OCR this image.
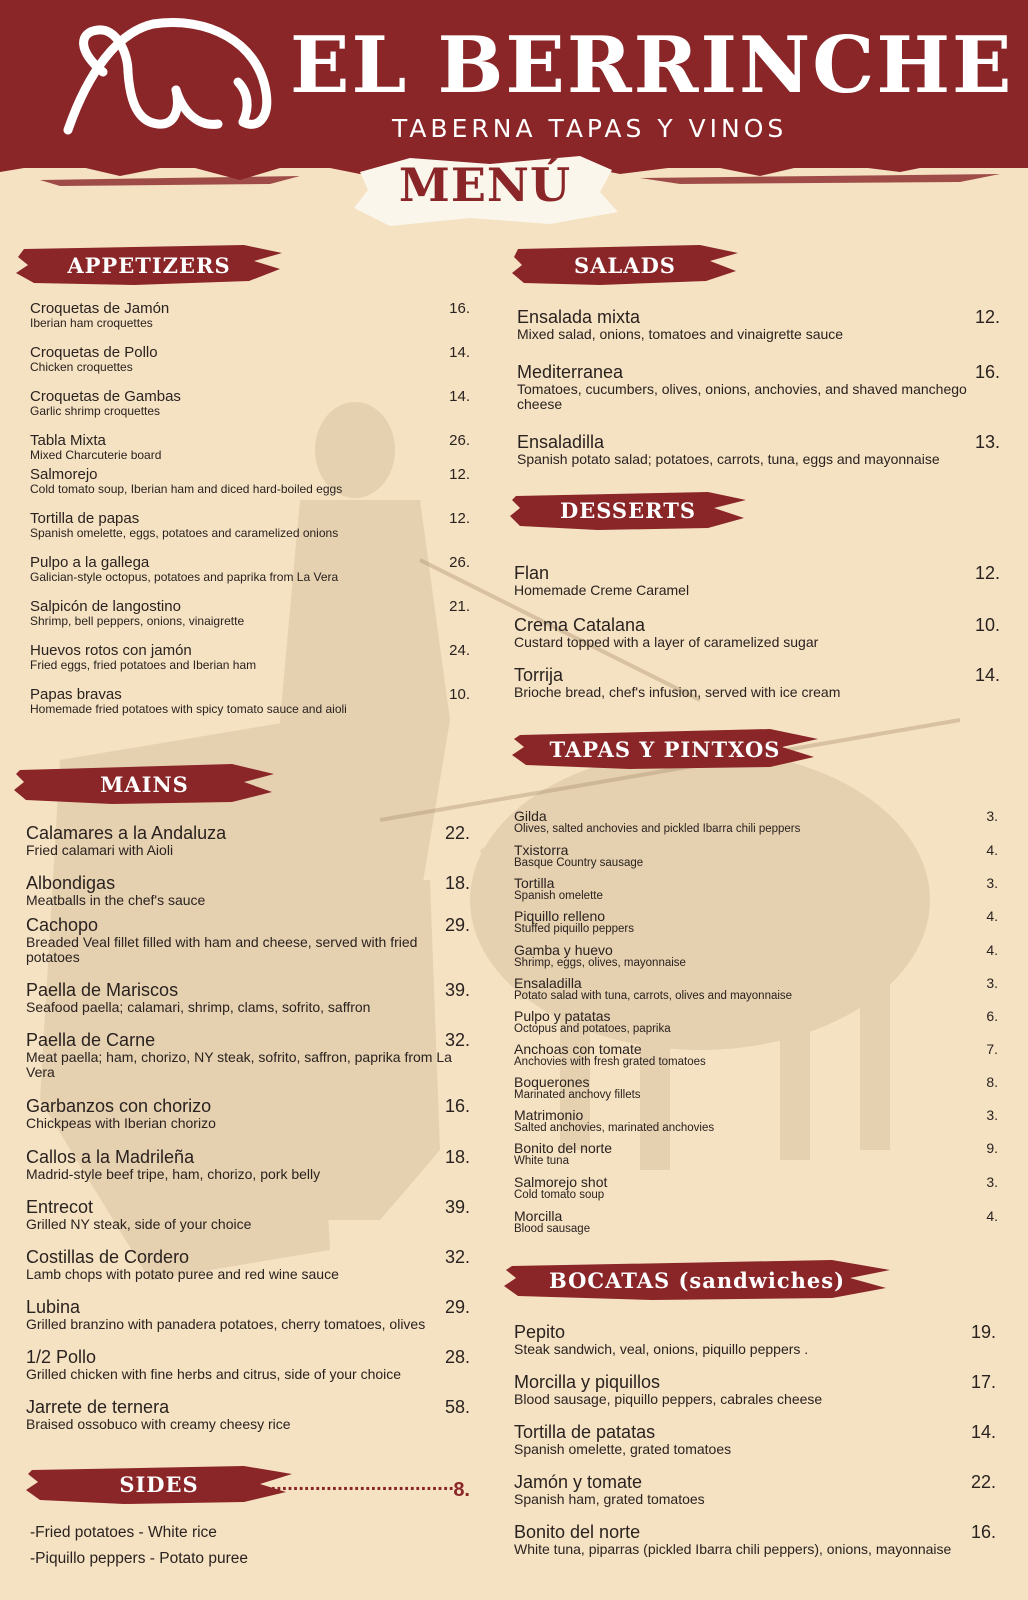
EL BERRINCHE
TABERNA TAPAS Y VINOS
MENÚ
APPETIZERS
Croquetas de Jamón	16.
Iberian ham croquettes
Croquetas de Pollo	14.
Chicken croquettes
Croquetas de Gambas	14.
Garlic shrimp croquettes
Tabla Mixta	26.
Mixed Charcuterie board
Salmorejo	12.
Cold tomato soup, Iberian ham and diced hard-boiled eggs
Tortilla de papas	12.
Spanish omelette, eggs, potatoes and caramelized onions
Pulpo a la gallega	26.
Galician-style octopus, potatoes and paprika from La Vera
Salpicón de langostino	21.
Shrimp, bell peppers, onions, vinaigrette
Huevos rotos con jamón	24.
Fried eggs, fried potatoes and Iberian ham
Papas bravas	10.
Homemade fried potatoes with spicy tomato sauce and aioli
MAINS
Calamares a la Andaluza	22.
Fried calamari with Aioli
Albondigas	18.
Meatballs in the chef's sauce
Cachopo	29.
Breaded Veal fillet filled with ham and cheese, served with fried potatoes
Paella de Mariscos	39.
Seafood paella; calamari, shrimp, clams, sofrito, saffron
Paella de Carne	32.
Meat paella; ham, chorizo, NY steak, sofrito, saffron, paprika from La Vera
Garbanzos con chorizo	16.
Chickpeas with Iberian chorizo
Callos a la Madrileña	18.
Madrid-style beef tripe, ham, chorizo, pork belly
Entrecot	39.
Grilled NY steak, side of your choice
Costillas de Cordero	32.
Lamb chops with potato puree and red wine sauce
Lubina	29.
Grilled branzino with panadera potatoes, cherry tomatoes, olives
1/2 Pollo	28.
Grilled chicken with fine herbs and citrus, side of your choice
Jarrete de ternera	58.
Braised ossobuco with creamy cheesy rice
SIDES
.....	8.
-Fried potatoes - White rice
-Piquillo peppers - Potato puree
SALADS
Ensalada mixta	12.
Mixed salad, onions, tomatoes and vinaigrette sauce
Mediterranea	16.
Tomatoes, cucumbers, olives, onions, anchovies, and shaved manchego cheese
Ensaladilla	13.
Spanish potato salad; potatoes, carrots, tuna, eggs and mayonnaise
DESSERTS
Flan	12.
Homemade Creme Caramel
Crema Catalana	10.
Custard topped with a layer of caramelized sugar
Torrija	14.
Brioche bread, chef's infusion, served with ice cream
TAPAS Y PINTXOS
Gilda	3.
Olives, salted anchovies and pickled Ibarra chili peppers
Txistorra	4.
Basque Country sausage
Tortilla	3.
Spanish omelette
Piquillo relleno	4.
Stuffed piquillo peppers
Gamba y huevo	4.
Shrimp, eggs, olives, mayonnaise
Ensaladilla	3.
Potato salad with tuna, carrots, olives and mayonnaise
Pulpo y patatas	6.
Octopus and potatoes, paprika
Anchoas con tomate	7.
Anchovies with fresh grated tomatoes
Boquerones	8.
Marinated anchovy fillets
Matrimonio	3.
Salted anchovies, marinated anchovies
Bonito del norte	9.
White tuna
Salmorejo shot	3.
Cold tomato soup
Morcilla	4.
Blood sausage
BOCATAS (sandwiches)
Pepito	19.
Steak sandwich, veal, onions, piquillo peppers .
Morcilla y piquillos	17.
Blood sausage, piquillo peppers, cabrales cheese
Tortilla de patatas	14.
Spanish omelette, grated tomatoes
Jamón y tomate	22.
Spanish ham, grated tomatoes
Bonito del norte	16.
White tuna, piparras (pickled Ibarra chili peppers), onions, mayonnaise
